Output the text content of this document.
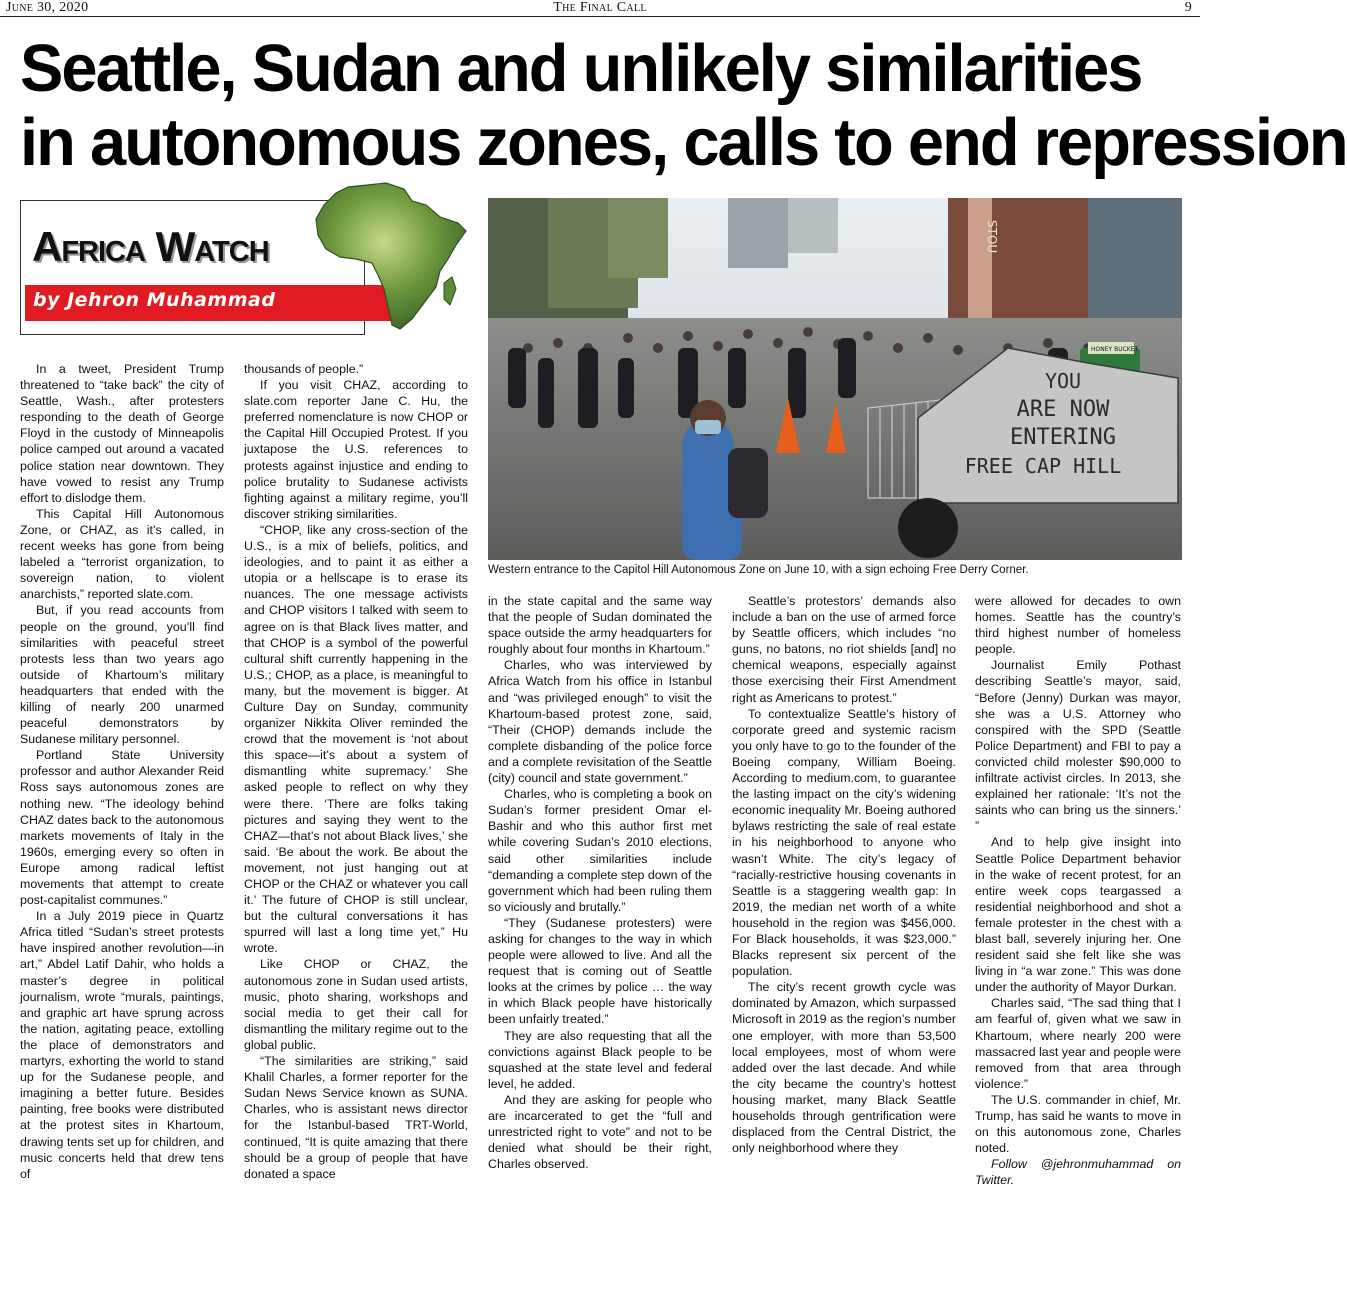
June 30, 2020	The Final Call	9
Seattle, Sudan and unlikely similarities
in autonomous zones, calls to end repression
Africa Watch
by Jehron Muhammad
HONEY BUCKET
YOU
ARE NOW
ENTERING
FREE CAP HILL
STOU
Western entrance to the Capitol Hill Autonomous Zone on June 10, with a sign echoing Free Derry Corner.

In a tweet, President Trump threatened to “take back” the city of Seattle, Wash., after protesters responding to the death of George Floyd in the custody of Minneapolis police camped out around a vacated police station near downtown. They have vowed to resist any Trump effort to dislodge them.

This Capital Hill Autonomous Zone, or CHAZ, as it’s called, in recent weeks has gone from being labeled a “terrorist organization, to sovereign nation, to violent anarchists,” reported slate.com.

But, if you read accounts from people on the ground, you’ll find similarities with peaceful street protests less than two years ago outside of Khartoum’s military headquarters that ended with the killing of nearly 200 unarmed peaceful demonstrators by Sudanese military personnel.

Portland State University professor and author Alexander Reid Ross says autonomous zones are nothing new. “The ideology behind CHAZ dates back to the autonomous markets movements of Italy in the 1960s, emerging every so often in Europe among radical leftist movements that attempt to create post-capitalist communes.”

In a July 2019 piece in Quartz Africa titled “Sudan’s street protests have inspired another revolution—in art,” Abdel Latif Dahir, who holds a master’s degree in political journalism, wrote “murals, paintings, and graphic art have sprung across the nation, agitating peace, extolling the place of demonstrators and martyrs, exhorting the world to stand up for the Sudanese people, and imagining a better future. Besides painting, free books were distributed at the protest sites in Khartoum, drawing tents set up for children, and music concerts held that drew tens of

thousands of people.”

If you visit CHAZ, according to slate.com reporter Jane C. Hu, the preferred nomenclature is now CHOP or the Capital Hill Occupied Protest. If you juxtapose the U.S. references to protests against injustice and ending to police brutality to Sudanese activists fighting against a military regime, you’ll discover striking similarities.

“CHOP, like any cross-section of the U.S., is a mix of beliefs, politics, and ideologies, and to paint it as either a utopia or a hellscape is to erase its nuances. The one message activists and CHOP visitors I talked with seem to agree on is that Black lives matter, and that CHOP is a symbol of the powerful cultural shift currently happening in the U.S.; CHOP, as a place, is meaningful to many, but the movement is bigger. At Culture Day on Sunday, community organizer Nikkita Oliver reminded the crowd that the movement is ‘not about this space—it’s about a system of dismantling white supremacy.’ She asked people to reflect on why they were there. ‘There are folks taking pictures and saying they went to the CHAZ—that’s not about Black lives,’ she said. ‘Be about the work. Be about the movement, not just hanging out at CHOP or the CHAZ or whatever you call it.’ The future of CHOP is still unclear, but the cultural conversations it has spurred will last a long time yet,” Hu wrote.

Like CHOP or CHAZ, the autonomous zone in Sudan used artists, music, photo sharing, workshops and social media to get their call for dismantling the military regime out to the global public.

“The similarities are striking,” said Khalil Charles, a former reporter for the Sudan News Service known as SUNA. Charles, who is assistant news director for the Istanbul-based TRT-World, continued, “It is quite amazing that there should be a group of people that have donated a space

in the state capital and the same way that the people of Sudan dominated the space outside the army headquarters for roughly about four months in Khartoum.”

Charles, who was interviewed by Africa Watch from his office in Istanbul and “was privileged enough” to visit the Khartoum-based protest zone, said, “Their (CHOP) demands include the complete disbanding of the police force and a complete revisitation of the Seattle (city) council and state government.”

Charles, who is completing a book on Sudan’s former president Omar el-Bashir and who this author first met while covering Sudan’s 2010 elections, said other similarities include “demanding a complete step down of the government which had been ruling them so viciously and brutally.”

“They (Sudanese protesters) were asking for changes to the way in which people were allowed to live. And all the request that is coming out of Seattle looks at the crimes by police … the way in which Black people have historically been unfairly treated.”

They are also requesting that all the convictions against Black people to be squashed at the state level and federal level, he added.

And they are asking for people who are incarcerated to get the “full and unrestricted right to vote” and not to be denied what should be their right, Charles observed.

Seattle’s protestors’ demands also include a ban on the use of armed force by Seattle officers, which includes “no guns, no batons, no riot shields [and] no chemical weapons, especially against those exercising their First Amendment right as Americans to protest.”

To contextualize Seattle’s history of corporate greed and systemic racism you only have to go to the founder of the Boeing company, William Boeing. According to medium.com, to guarantee the lasting impact on the city’s widening economic inequality Mr. Boeing authored bylaws restricting the sale of real estate in his neighborhood to anyone who wasn’t White. The city’s legacy of “racially-restrictive housing covenants in Seattle is a staggering wealth gap: In 2019, the median net worth of a white household in the region was $456,000. For Black households, it was $23,000.” Blacks represent six percent of the population.

The city’s recent growth cycle was dominated by Amazon, which surpassed Microsoft in 2019 as the region’s number one employer, with more than 53,500 local employees, most of whom were added over the last decade. And while the city became the country’s hottest housing market, many Black Seattle households through gentrification were displaced from the Central District, the only neighborhood where they

were allowed for decades to own homes. Seattle has the country’s third highest number of homeless people.

Journalist Emily Pothast describing Seattle’s mayor, said, “Before (Jenny) Durkan was mayor, she was a U.S. Attorney who conspired with the SPD (Seattle Police Department) and FBI to pay a convicted child molester $90,000 to infiltrate activist circles. In 2013, she explained her rationale: ‘It’s not the saints who can bring us the sinners.’ ”

And to help give insight into Seattle Police Department behavior in the wake of recent protest, for an entire week cops teargassed a residential neighborhood and shot a female protester in the chest with a blast ball, severely injuring her. One resident said she felt like she was living in “a war zone.” This was done under the authority of Mayor Durkan.

Charles said, “The sad thing that I am fearful of, given what we saw in Khartoum, where nearly 200 were massacred last year and people were removed from that area through violence.”

The U.S. commander in chief, Mr. Trump, has said he wants to move in on this autonomous zone, Charles noted.

Follow @jehronmuhammad on Twitter.
